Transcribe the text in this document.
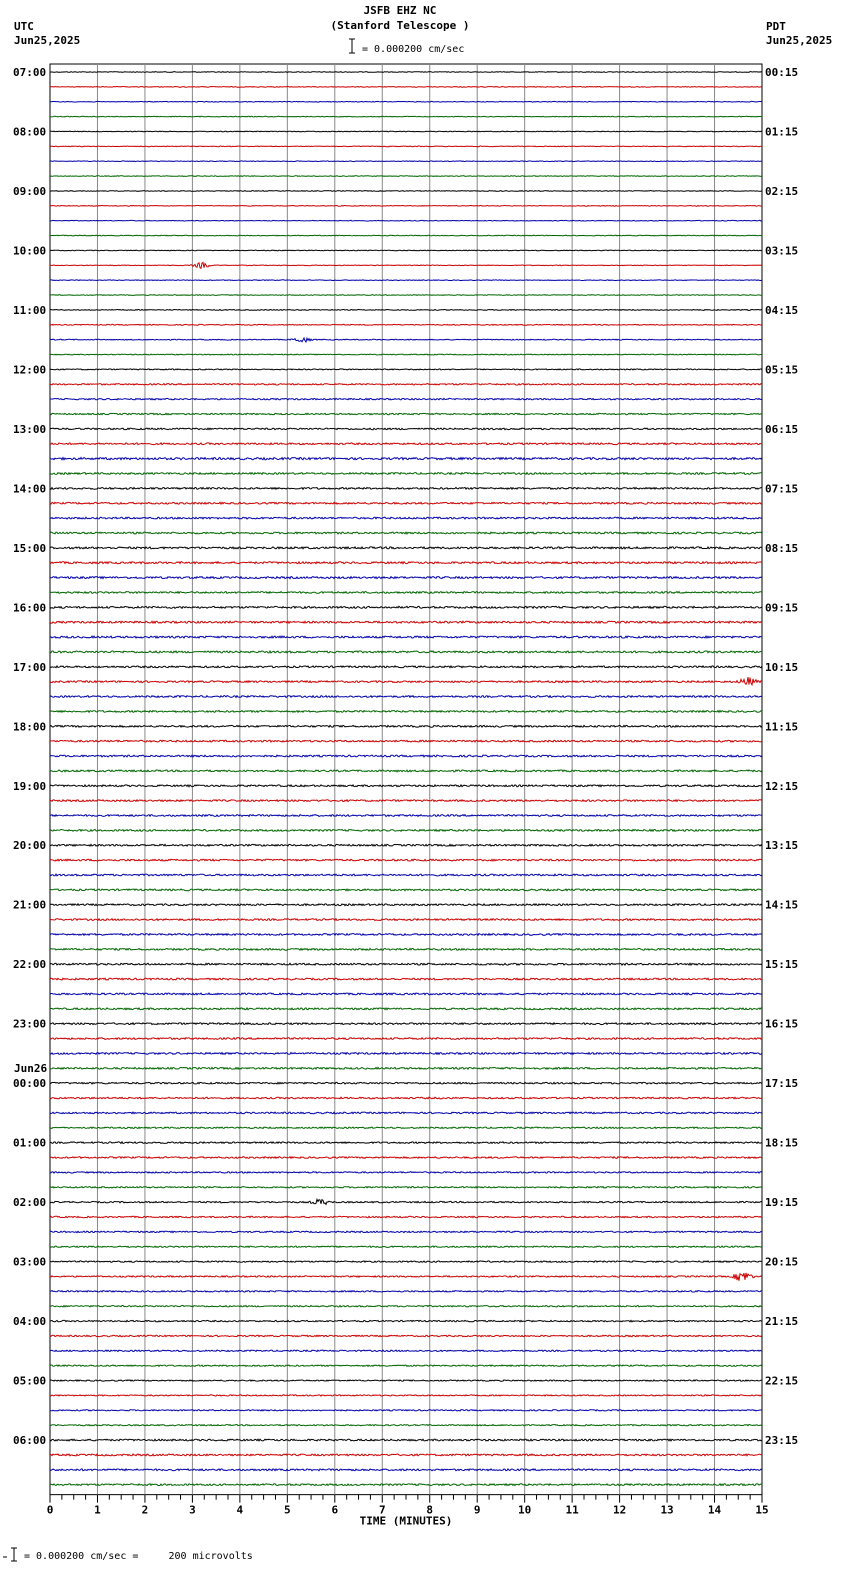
JSFB EHZ NC
(Stanford Telescope )
UTC
Jun25,2025
PDT
Jun25,2025
= 0.000200 cm/sec
07:00
08:00
09:00
10:00
11:00
12:00
13:00
14:00
15:00
16:00
17:00
18:00
19:00
20:00
21:00
22:00
23:00
00:00
01:00
02:00
03:00
04:00
05:00
06:00
00:15
01:15
02:15
03:15
04:15
05:15
06:15
07:15
08:15
09:15
10:15
11:15
12:15
13:15
14:15
15:15
16:15
17:15
18:15
19:15
20:15
21:15
22:15
23:15
0	1	2	3	4	5	6	7	8	9	10	11	12	13	14	15
TIME (MINUTES)
Jun26
= 0.000200 cm/sec =     200 microvolts
